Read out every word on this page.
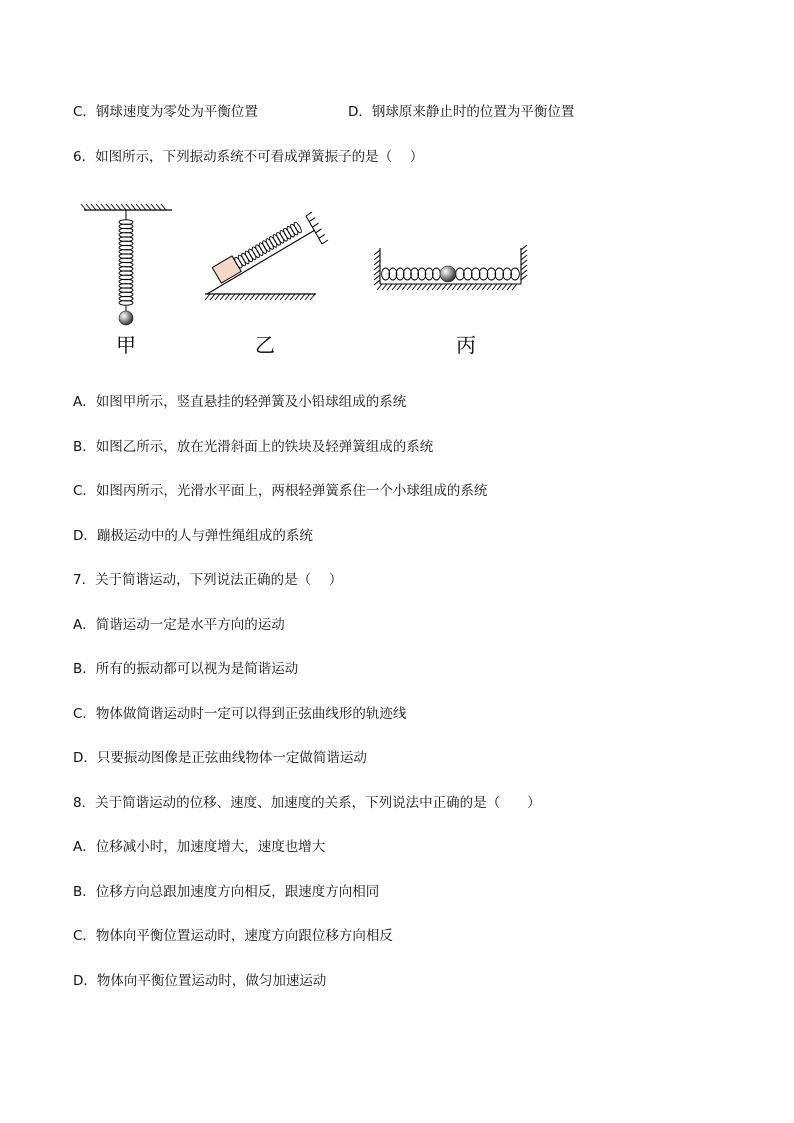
C．钢球速度为零处为平衡位置	D．钢球原来静止时的位置为平衡位置
6．如图所示，下列振动系统不可看成弹簧振子的是（　 ）
甲	乙	丙
A．如图甲所示，竖直悬挂的轻弹簧及小铅球组成的系统
B．如图乙所示，放在光滑斜面上的铁块及轻弹簧组成的系统
C．如图丙所示，光滑水平面上，两根轻弹簧系住一个小球组成的系统
D．蹦极运动中的人与弹性绳组成的系统
7．关于简谐运动，下列说法正确的是（　 ）
A．简谐运动一定是水平方向的运动
B．所有的振动都可以视为是简谐运动
C．物体做简谐运动时一定可以得到正弦曲线形的轨迹线
D．只要振动图像是正弦曲线物体一定做简谐运动
8．关于简谐运动的位移、速度、加速度的关系，下列说法中正确的是（　　）
A．位移减小时，加速度增大，速度也增大
B．位移方向总跟加速度方向相反，跟速度方向相同
C．物体向平衡位置运动时，速度方向跟位移方向相反
D．物体向平衡位置运动时，做匀加速运动
